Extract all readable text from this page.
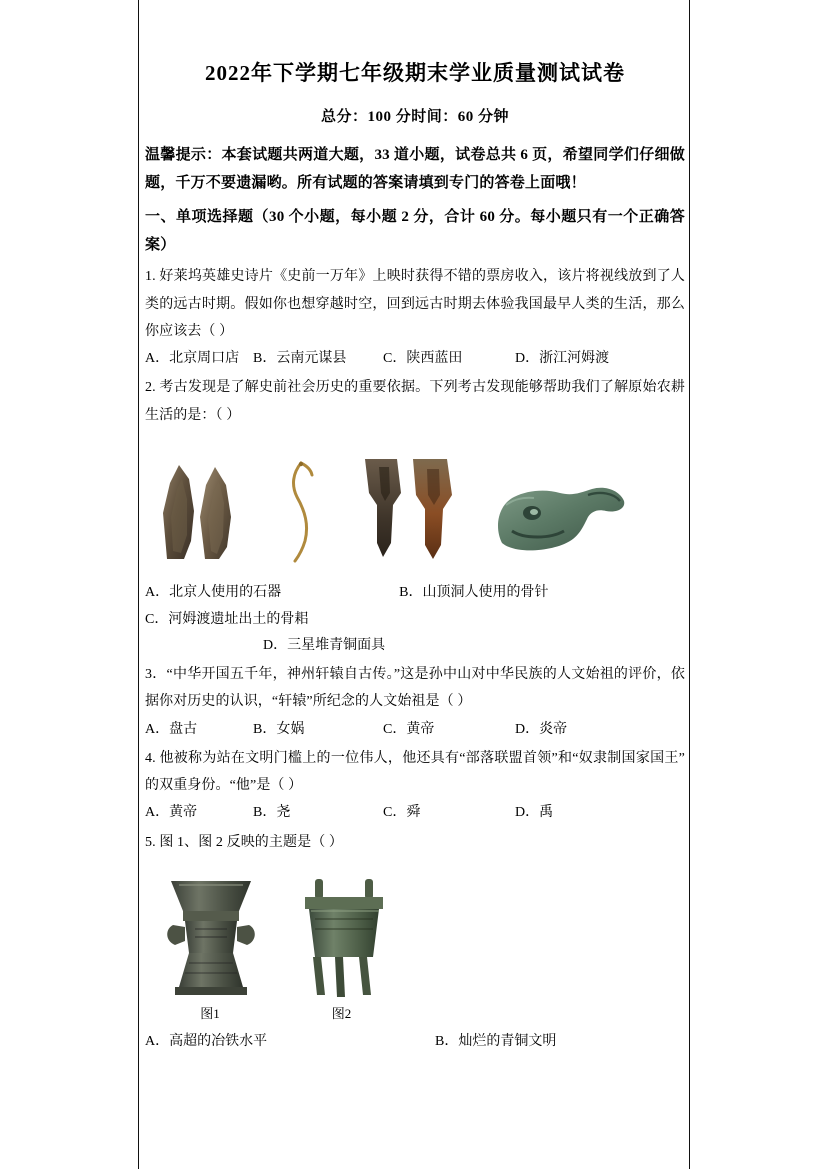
2022年下学期七年级期末学业质量测试试卷

总分：100 分时间：60 分钟

温馨提示：本套试题共两道大题，33 道小题，试卷总共 6 页，希望同学们仔细做题，千万不要遗漏哟。所有试题的答案请填到专门的答卷上面哦！

一、单项选择题（30 个小题，每小题 2 分，合计 60 分。每小题只有一个正确答案）

1. 好莱坞英雄史诗片《史前一万年》上映时获得不错的票房收入，该片将视线放到了人类的远古时期。假如你也想穿越时空，回到远古时期去体验我国最早人类的生活，那么你应该去（ ）

A．北京周口店 B．云南元谋县	C．陕西蓝田	D．浙江河姆渡

2. 考古发现是了解史前社会历史的重要依据。下列考古发现能够帮助我们了解原始农耕生活的是：（ ）

A．北京人使用的石器	B．山顶洞人使用的骨针
C．河姆渡遗址出土的骨耜
D．三星堆青铜面具

3．“中华开国五千年，神州轩辕自古传。”这是孙中山对中华民族的人文始祖的评价，依据你对历史的认识，“轩辕”所纪念的人文始祖是（ ）

A．盘古	B．女娲	C．黄帝	D．炎帝

4. 他被称为站在文明门槛上的一位伟人，他还具有“部落联盟首领”和“奴隶制国家国王”的双重身份。“他”是（ ）

A．黄帝	B．尧	C．舜	D．禹

5. 图 1、图 2 反映的主题是（ ）

图1	图2
A．高超的冶铁水平	B．灿烂的青铜文明
